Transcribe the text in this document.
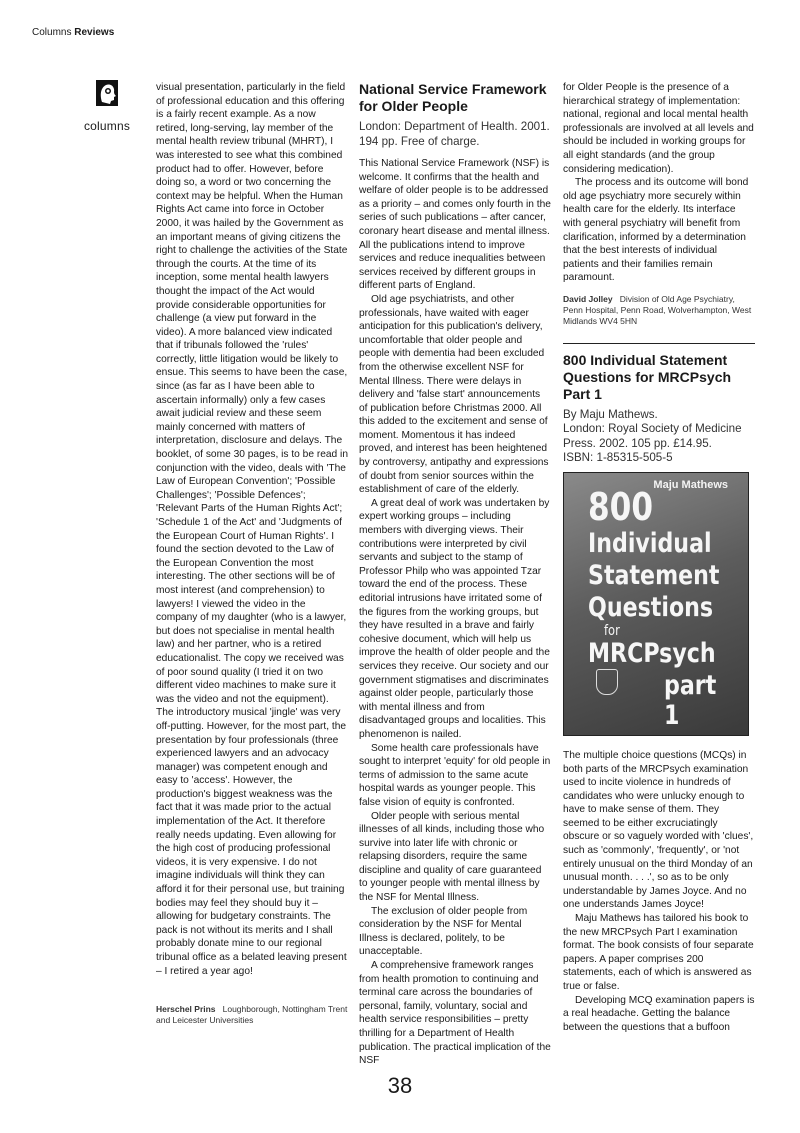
Columns Reviews
columns

visual presentation, particularly in the field of professional education and this offering is a fairly recent example. As a now retired, long-serving, lay member of the mental health review tribunal (MHRT), I was interested to see what this combined product had to offer. However, before doing so, a word or two concerning the context may be helpful. When the Human Rights Act came into force in October 2000, it was hailed by the Government as an important means of giving citizens the right to challenge the activities of the State through the courts. At the time of its inception, some mental health lawyers thought the impact of the Act would provide considerable opportunities for challenge (a view put forward in the video). A more balanced view indicated that if tribunals followed the 'rules' correctly, little litigation would be likely to ensue. This seems to have been the case, since (as far as I have been able to ascertain informally) only a few cases await judicial review and these seem mainly concerned with matters of interpretation, disclosure and delays. The booklet, of some 30 pages, is to be read in conjunction with the video, deals with 'The Law of European Convention'; 'Possible Challenges'; 'Possible Defences'; 'Relevant Parts of the Human Rights Act'; 'Schedule 1 of the Act' and 'Judgments of the European Court of Human Rights'. I found the section devoted to the Law of the European Convention the most interesting. The other sections will be of most interest (and comprehension) to lawyers! I viewed the video in the company of my daughter (who is a lawyer, but does not specialise in mental health law) and her partner, who is a retired educationalist. The copy we received was of poor sound quality (I tried it on two different video machines to make sure it was the video and not the equipment). The introductory musical 'jingle' was very off-putting. However, for the most part, the presentation by four professionals (three experienced lawyers and an advocacy manager) was competent enough and easy to 'access'. However, the production's biggest weakness was the fact that it was made prior to the actual implementation of the Act. It therefore really needs updating. Even allowing for the high cost of producing professional videos, it is very expensive. I do not imagine individuals will think they can afford it for their personal use, but training bodies may feel they should buy it – allowing for budgetary constraints. The pack is not without its merits and I shall probably donate mine to our regional tribunal office as a belated leaving present – I retired a year ago!

Herschel Prins Loughborough, Nottingham Trent and Leicester Universities
National Service Framework for Older People
London: Department of Health. 2001. 194 pp. Free of charge.

This National Service Framework (NSF) is welcome. It confirms that the health and welfare of older people is to be addressed as a priority – and comes only fourth in the series of such publications – after cancer, coronary heart disease and mental illness. All the publications intend to improve services and reduce inequalities between services received by different groups in different parts of England.

Old age psychiatrists, and other professionals, have waited with eager anticipation for this publication's delivery, uncomfortable that older people and people with dementia had been excluded from the otherwise excellent NSF for Mental Illness. There were delays in delivery and 'false start' announcements of publication before Christmas 2000. All this added to the excitement and sense of moment. Momentous it has indeed proved, and interest has been heightened by controversy, antipathy and expressions of doubt from senior sources within the establishment of care of the elderly.

A great deal of work was undertaken by expert working groups – including members with diverging views. Their contributions were interpreted by civil servants and subject to the stamp of Professor Philp who was appointed Tzar toward the end of the process. These editorial intrusions have irritated some of the figures from the working groups, but they have resulted in a brave and fairly cohesive document, which will help us improve the health of older people and the services they receive. Our society and our government stigmatises and discriminates against older people, particularly those with mental illness and from disadvantaged groups and localities. This phenomenon is nailed.

Some health care professionals have sought to interpret 'equity' for old people in terms of admission to the same acute hospital wards as younger people. This false vision of equity is confronted.

Older people with serious mental illnesses of all kinds, including those who survive into later life with chronic or relapsing disorders, require the same discipline and quality of care guaranteed to younger people with mental illness by the NSF for Mental Illness.

The exclusion of older people from consideration by the NSF for Mental Illness is declared, politely, to be unacceptable.

A comprehensive framework ranges from health promotion to continuing and terminal care across the boundaries of personal, family, voluntary, social and health service responsibilities – pretty thrilling for a Department of Health publication. The practical implication of the NSF

for Older People is the presence of a hierarchical strategy of implementation: national, regional and local mental health professionals are involved at all levels and should be included in working groups for all eight standards (and the group considering medication).

The process and its outcome will bond old age psychiatry more securely within health care for the elderly. Its interface with general psychiatry will benefit from clarification, informed by a determination that the best interests of individual patients and their families remain paramount.

David Jolley Division of Old Age Psychiatry, Penn Hospital, Penn Road, Wolverhampton, West Midlands WV4 5HN
800 Individual Statement Questions for MRCPsych Part 1
By Maju Mathews.
London: Royal Society of Medicine Press. 2002. 105 pp. £14.95.
ISBN: 1-85315-505-5
Maju Mathews
800
Individual
Statement
Questions
for
MRCPsych
part 1

The multiple choice questions (MCQs) in both parts of the MRCPsych examination used to incite violence in hundreds of candidates who were unlucky enough to have to make sense of them. They seemed to be either excruciatingly obscure or so vaguely worded with 'clues', such as 'commonly', 'frequently', or 'not entirely unusual on the third Monday of an unusual month. . . .', so as to be only understandable by James Joyce. And no one understands James Joyce!

Maju Mathews has tailored his book to the new MRCPsych Part I examination format. The book consists of four separate papers. A paper comprises 200 statements, each of which is answered as true or false.

Developing MCQ examination papers is a real headache. Getting the balance between the questions that a buffoon

38
